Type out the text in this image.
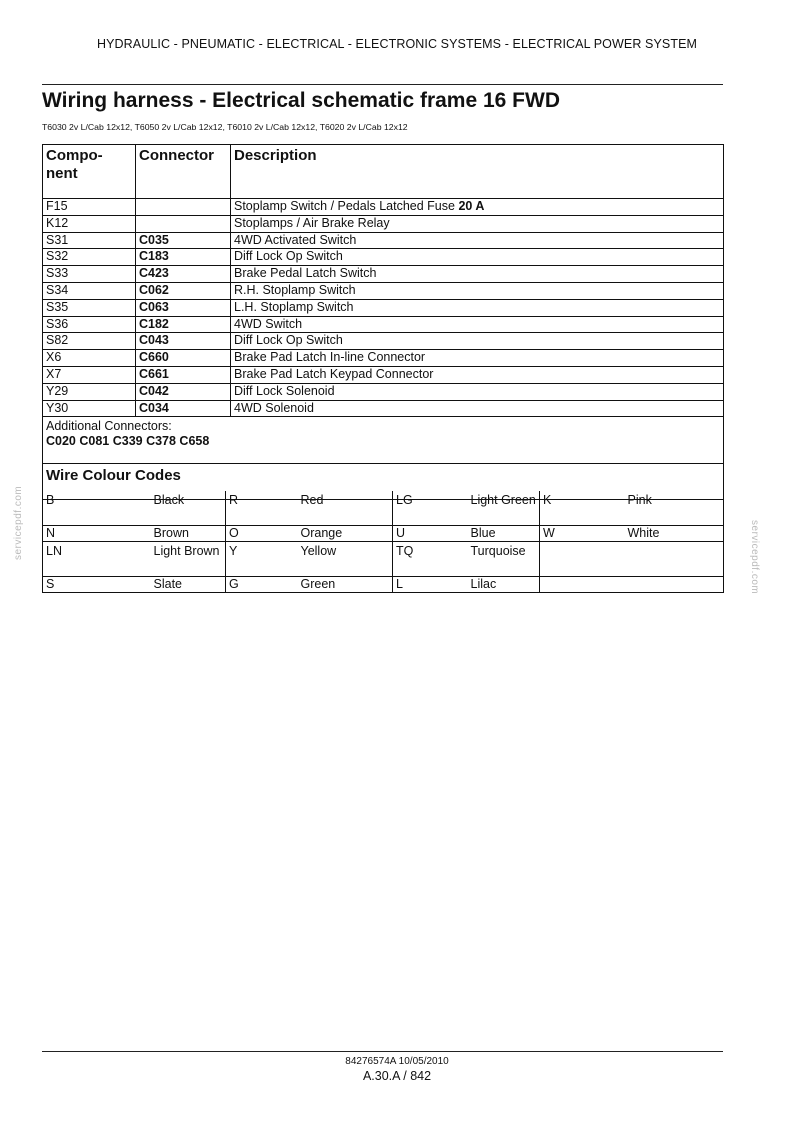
HYDRAULIC - PNEUMATIC - ELECTRICAL - ELECTRONIC SYSTEMS - ELECTRICAL POWER SYSTEM
Wiring harness - Electrical schematic frame 16 FWD
T6030 2v L/Cab 12x12, T6050 2v L/Cab 12x12, T6010 2v L/Cab 12x12, T6020 2v L/Cab 12x12
Compo-
nent	Connector	Description
F15		Stoplamp Switch / Pedals Latched Fuse 20 A
K12		Stoplamps / Air Brake Relay
S31	C035	4WD Activated Switch
S32	C183	Diff Lock Op Switch
S33	C423	Brake Pedal Latch Switch
S34	C062	R.H. Stoplamp Switch
S35	C063	L.H. Stoplamp Switch
S36	C182	4WD Switch
S82	C043	Diff Lock Op Switch
X6	C660	Brake Pad Latch In-line Connector
X7	C661	Brake Pad Latch Keypad Connector
Y29	C042	Diff Lock Solenoid
Y30	C034	4WD Solenoid
Additional Connectors:
C020 C081 C339 C378 C658		
Wire Colour Codes		
B	Black	R	Red	LG	Light Green	K	Pink
N	Brown	O	Orange	U	Blue	W	White
LN	Light Brown	Y	Yellow	TQ	Turquoise		
S	Slate	G	Green	L	Lilac		
servicepdf.com	servicepdf.com
84276574A 10/05/2010
A.30.A / 842
